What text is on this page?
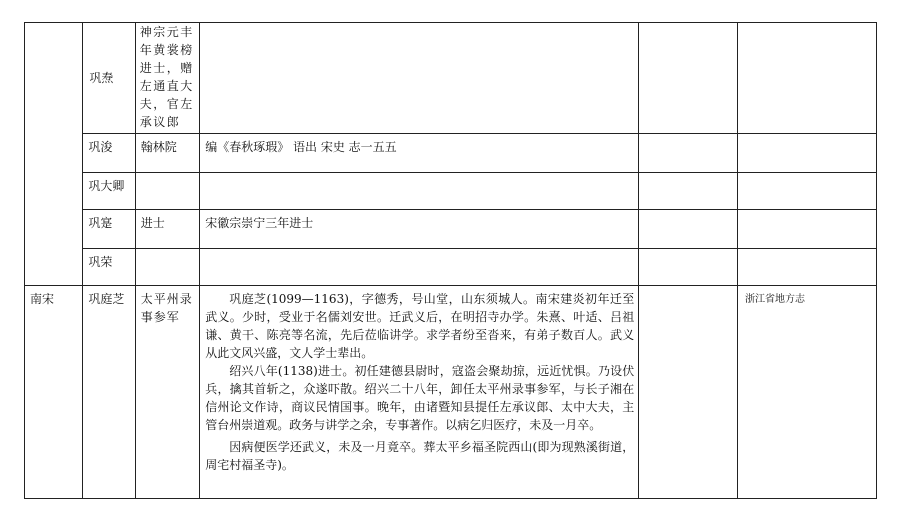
	巩焘	神宗元丰年黄裳榜进士，赠左通直大夫，官左承议郎			
	巩浚	翰林院	编《春秋琢瑕》 语出 宋史 志一五五		
	巩大卿				
	巩寔	进士	宋徽宗崇宁三年进士		
	巩荣				
南宋	巩庭芝	太平州录事参军	巩庭芝(1099—1163)，字德秀，号山堂，山东须城人。南宋建炎初年迁至武义。少时，受业于名儒刘安世。迁武义后，在明招寺办学。朱熹、叶适、吕祖谦、黄干、陈亮等名流，先后莅临讲学。求学者纷至沓来，有弟子数百人。武义从此文风兴盛，文人学士辈出。

绍兴八年(1138)进士。初任建德县尉时，寇盗会聚劫掠，远近忧惧。乃设伏兵，擒其首斩之，众遂吓散。绍兴二十八年，卸任太平州录事参军，与长子湘在信州论文作诗，商议民情国事。晚年，由诸暨知县提任左承议郎、太中大夫，主管台州崇道观。政务与讲学之余，专事著作。以病乞归医疗，未及一月卒。

因病便医学还武义，未及一月竟卒。葬太平乡福圣院西山(即为现熟溪街道，周宅村福圣寺)。		浙江省地方志
